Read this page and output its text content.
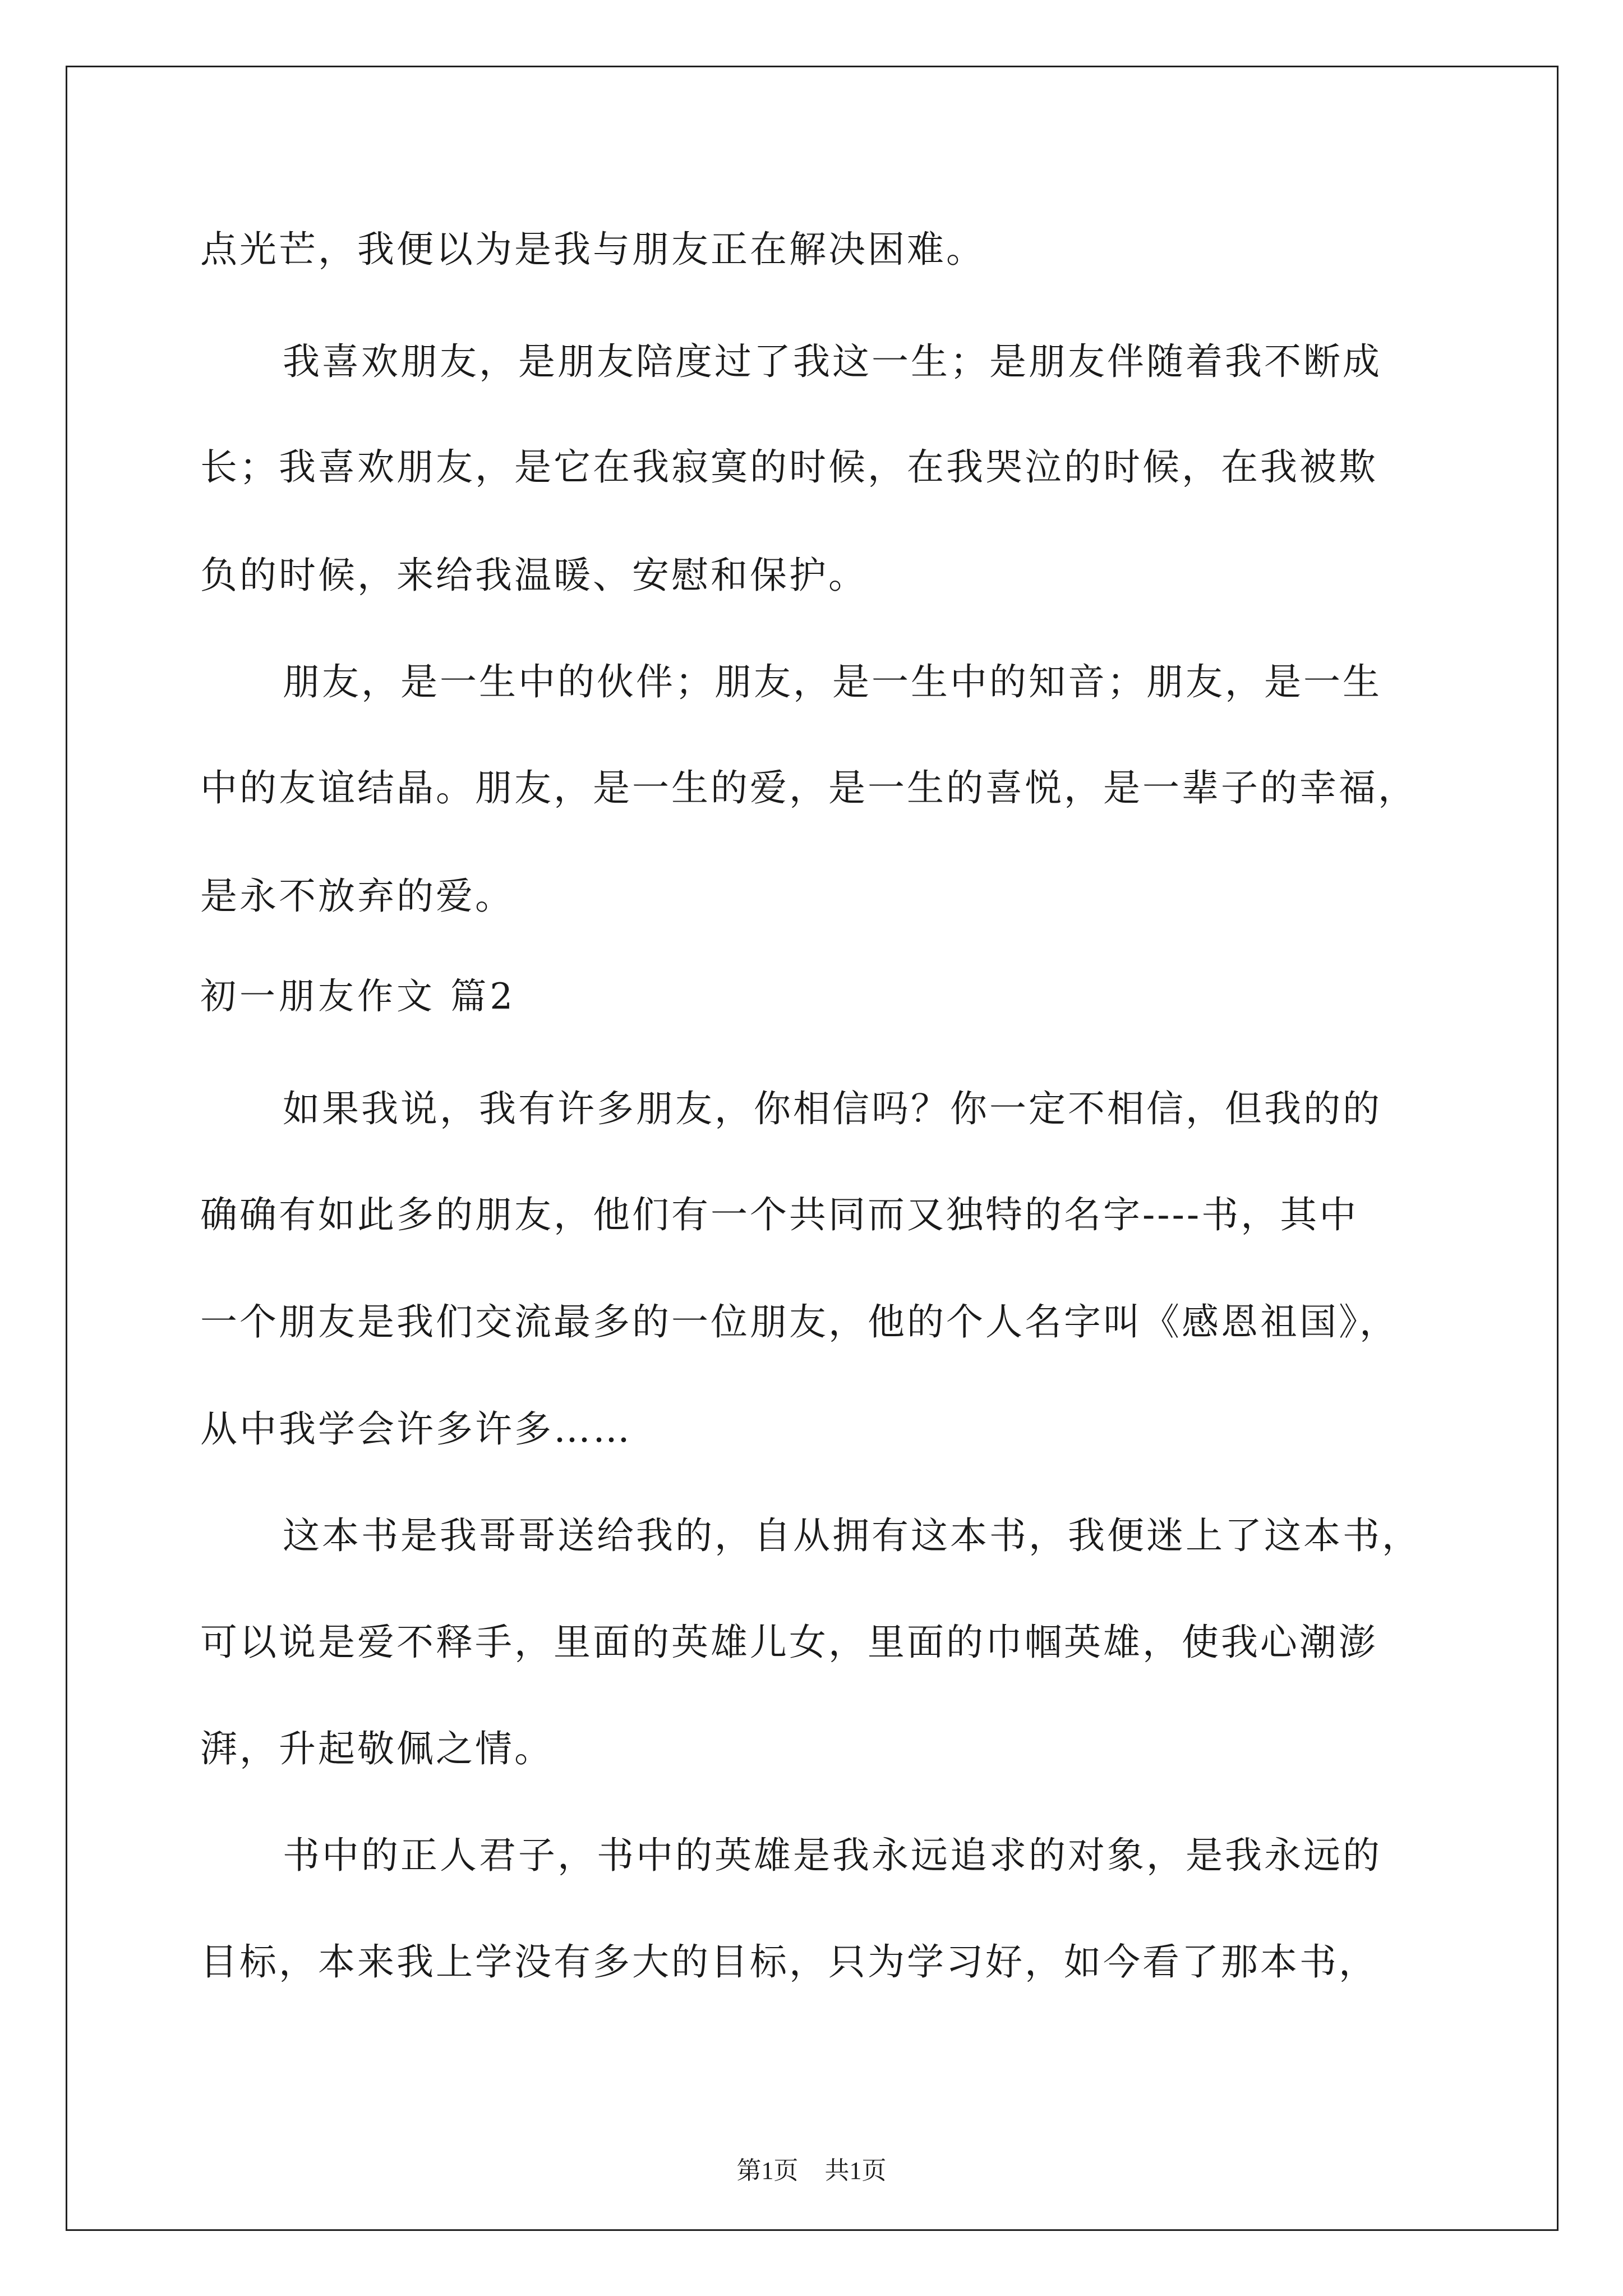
点光芒，我便以为是我与朋友正在解决困难。
我喜欢朋友，是朋友陪度过了我这一生；是朋友伴随着我不断成
长；我喜欢朋友，是它在我寂寞的时候，在我哭泣的时候，在我被欺
负的时候，来给我温暖、安慰和保护。
朋友，是一生中的伙伴；朋友，是一生中的知音；朋友，是一生
中的友谊结晶。朋友，是一生的爱，是一生的喜悦，是一辈子的幸福，
是永不放弃的爱。
初一朋友作文 篇2
如果我说，我有许多朋友，你相信吗？你一定不相信，但我的的
确确有如此多的朋友，他们有一个共同而又独特的名字----书，其中
一个朋友是我们交流最多的一位朋友，他的个人名字叫《感恩祖国》，
从中我学会许多许多……
这本书是我哥哥送给我的，自从拥有这本书，我便迷上了这本书，
可以说是爱不释手，里面的英雄儿女，里面的巾帼英雄，使我心潮澎
湃，升起敬佩之情。
书中的正人君子，书中的英雄是我永远追求的对象，是我永远的
目标，本来我上学没有多大的目标，只为学习好，如今看了那本书，
第1页 共1页
